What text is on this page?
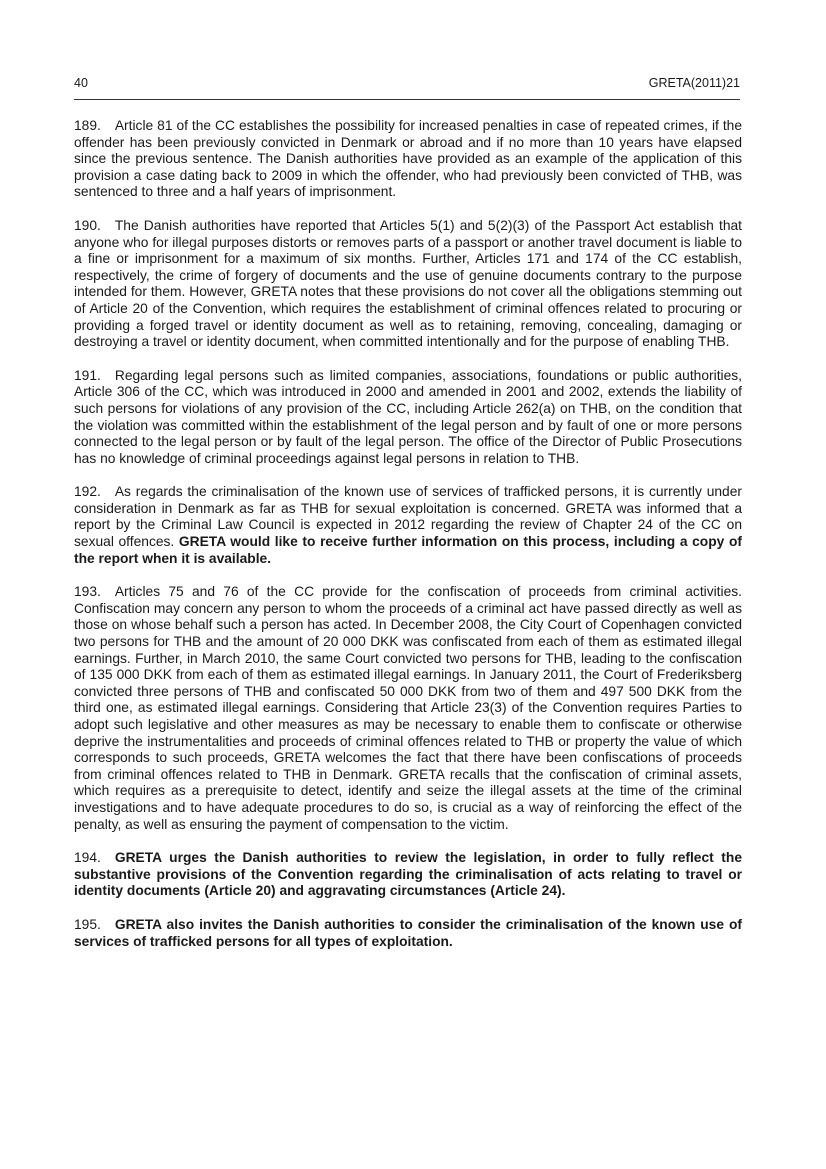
40	GRETA(2011)21

189. Article 81 of the CC establishes the possibility for increased penalties in case of repeated crimes, if the offender has been previously convicted in Denmark or abroad and if no more than 10 years have elapsed since the previous sentence. The Danish authorities have provided as an example of the application of this provision a case dating back to 2009 in which the offender, who had previously been convicted of THB, was sentenced to three and a half years of imprisonment.

190. The Danish authorities have reported that Articles 5(1) and 5(2)(3) of the Passport Act establish that anyone who for illegal purposes distorts or removes parts of a passport or another travel document is liable to a fine or imprisonment for a maximum of six months. Further, Articles 171 and 174 of the CC establish, respectively, the crime of forgery of documents and the use of genuine documents contrary to the purpose intended for them. However, GRETA notes that these provisions do not cover all the obligations stemming out of Article 20 of the Convention, which requires the establishment of criminal offences related to procuring or providing a forged travel or identity document as well as to retaining, removing, concealing, damaging or destroying a travel or identity document, when committed intentionally and for the purpose of enabling THB.

191. Regarding legal persons such as limited companies, associations, foundations or public authorities, Article 306 of the CC, which was introduced in 2000 and amended in 2001 and 2002, extends the liability of such persons for violations of any provision of the CC, including Article 262(a) on THB, on the condition that the violation was committed within the establishment of the legal person and by fault of one or more persons connected to the legal person or by fault of the legal person. The office of the Director of Public Prosecutions has no knowledge of criminal proceedings against legal persons in relation to THB.

192. As regards the criminalisation of the known use of services of trafficked persons, it is currently under consideration in Denmark as far as THB for sexual exploitation is concerned. GRETA was informed that a report by the Criminal Law Council is expected in 2012 regarding the review of Chapter 24 of the CC on sexual offences. GRETA would like to receive further information on this process, including a copy of the report when it is available.

193. Articles 75 and 76 of the CC provide for the confiscation of proceeds from criminal activities. Confiscation may concern any person to whom the proceeds of a criminal act have passed directly as well as those on whose behalf such a person has acted. In December 2008, the City Court of Copenhagen convicted two persons for THB and the amount of 20 000 DKK was confiscated from each of them as estimated illegal earnings. Further, in March 2010, the same Court convicted two persons for THB, leading to the confiscation of 135 000 DKK from each of them as estimated illegal earnings. In January 2011, the Court of Frederiksberg convicted three persons of THB and confiscated 50 000 DKK from two of them and 497 500 DKK from the third one, as estimated illegal earnings. Considering that Article 23(3) of the Convention requires Parties to adopt such legislative and other measures as may be necessary to enable them to confiscate or otherwise deprive the instrumentalities and proceeds of criminal offences related to THB or property the value of which corresponds to such proceeds, GRETA welcomes the fact that there have been confiscations of proceeds from criminal offences related to THB in Denmark. GRETA recalls that the confiscation of criminal assets, which requires as a prerequisite to detect, identify and seize the illegal assets at the time of the criminal investigations and to have adequate procedures to do so, is crucial as a way of reinforcing the effect of the penalty, as well as ensuring the payment of compensation to the victim.

194. GRETA urges the Danish authorities to review the legislation, in order to fully reflect the substantive provisions of the Convention regarding the criminalisation of acts relating to travel or identity documents (Article 20) and aggravating circumstances (Article 24).

195. GRETA also invites the Danish authorities to consider the criminalisation of the known use of services of trafficked persons for all types of exploitation.
